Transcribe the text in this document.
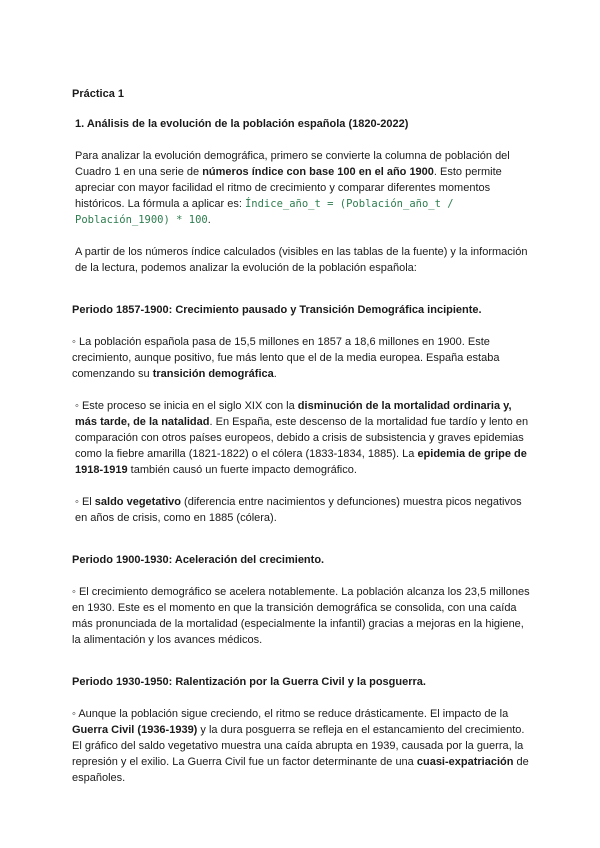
Práctica 1

1. Análisis de la evolución de la población española (1820-2022)

Para analizar la evolución demográfica, primero se convierte la columna de población del Cuadro 1 en una serie de números índice con base 100 en el año 1900. Esto permite apreciar con mayor facilidad el ritmo de crecimiento y comparar diferentes momentos históricos. La fórmula a aplicar es: Índice_año_t = (Población_año_t / Población_1900) * 100.

A partir de los números índice calculados (visibles en las tablas de la fuente) y la información de la lectura, podemos analizar la evolución de la población española:

Periodo 1857-1900: Crecimiento pausado y Transición Demográfica incipiente.

◦ La población española pasa de 15,5 millones en 1857 a 18,6 millones en 1900. Este crecimiento, aunque positivo, fue más lento que el de la media europea. España estaba comenzando su transición demográfica.

◦ Este proceso se inicia en el siglo XIX con la disminución de la mortalidad ordinaria y, más tarde, de la natalidad. En España, este descenso de la mortalidad fue tardío y lento en comparación con otros países europeos, debido a crisis de subsistencia y graves epidemias como la fiebre amarilla (1821-1822) o el cólera (1833-1834, 1885). La epidemia de gripe de 1918-1919 también causó un fuerte impacto demográfico.

◦ El saldo vegetativo (diferencia entre nacimientos y defunciones) muestra picos negativos en años de crisis, como en 1885 (cólera).

Periodo 1900-1930: Aceleración del crecimiento.

◦ El crecimiento demográfico se acelera notablemente. La población alcanza los 23,5 millones en 1930. Este es el momento en que la transición demográfica se consolida, con una caída más pronunciada de la mortalidad (especialmente la infantil) gracias a mejoras en la higiene, la alimentación y los avances médicos.

Periodo 1930-1950: Ralentización por la Guerra Civil y la posguerra.

◦ Aunque la población sigue creciendo, el ritmo se reduce drásticamente. El impacto de la Guerra Civil (1936-1939) y la dura posguerra se refleja en el estancamiento del crecimiento. El gráfico del saldo vegetativo muestra una caída abrupta en 1939, causada por la guerra, la represión y el exilio. La Guerra Civil fue un factor determinante de una cuasi-expatriación de españoles.
